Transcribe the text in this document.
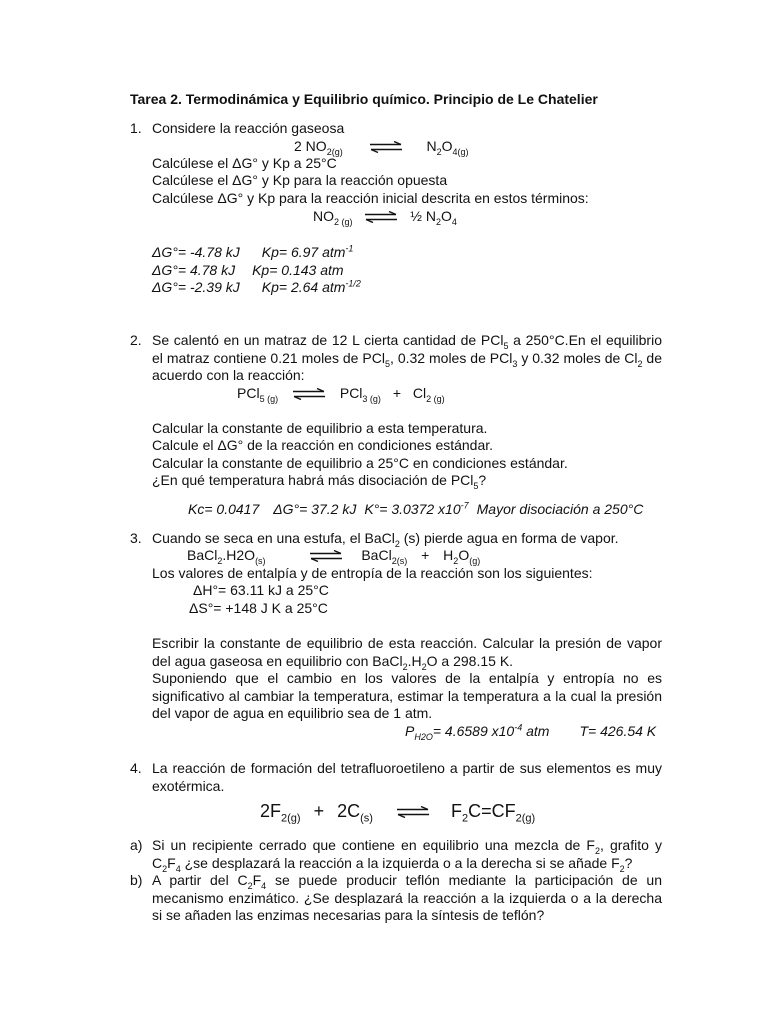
Tarea 2. Termodinámica y Equilibrio químico. Principio de Le Chatelier
1. Considere la reacción gaseosa
2 $NO_{2(g)}$	$N_2O_{4(g)}$
Calcúlese el ΔG° y Kp a 25°C
Calcúlese el ΔG° y Kp para la reacción opuesta
Calcúlese ΔG° y Kp para la reacción inicial descrita en estos términos:
$NO_{2 (g)}$	½ $N_2O_4$
ΔG°= -4.78 kJ Kp= 6.97 atm$^{-1}$
ΔG°= 4.78 kJ Kp= 0.143 atm
ΔG°= -2.39 kJ Kp= 2.64 atm$^{-1/2}$
2. Se calentó en un matraz de 12 L cierta cantidad de PCl$_5$ a 250°C.En el equilibrio el matraz contiene 0.21 moles de PCl$_5$, 0.32 moles de PCl$_3$ y 0.32 moles de $Cl_2$ de acuerdo con la reacción:
PCl$_{5 (g)}$	$PCl_{3 (g)} + Cl_{2 (g)}$
Calcular la constante de equilibrio a esta temperatura.
Calcule el ΔG° de la reacción en condiciones estándar.
Calcular la constante de equilibrio a 25°C en condiciones estándar.
¿En qué temperatura habrá más disociación de PCl$_5$?
Kc= 0.0417 ΔG°= 37.2 kJ K°= 3.0372 $x10^{-7}$ Mayor disociación a 250°C
3. Cuando se seca en una estufa, el BaCl$_2$ (s) pierde agua en forma de vapor.
$BaCl_2.H2O_{(s)}$	BaCl$_{2(s)}$ + $H_2O_{(g)}$
Los valores de entalpía y de entropía de la reacción son los siguientes:
ΔH°= 63.11 kJ a 25°C
ΔS°= +148 J K a 25°C
Escribir la constante de equilibrio de esta reacción. Calcular la presión de vapor del agua gaseosa en equilibrio con $BaCl_2.H_2O$ a 298.15 K.
Suponiendo que el cambio en los valores de la entalpía y entropía no es significativo al cambiar la temperatura, estimar la temperatura a la cual la presión del vapor de agua en equilibrio sea de 1 atm.
$P_{H2O}= 4.6589$ $x10^{-4}$ atm T= 426.54 K
4. La reacción de formación del tetrafluoroetileno a partir de sus elementos es muy exotérmica.
$2F_{2(g)} + 2C_{(s)}$	$F_2C=CF_{2(g)}$
a) Si un recipiente cerrado que contiene en equilibrio una mezcla de $F_2$, grafito y $C_2F_4$ ¿se desplazará la reacción a la izquierda o a la derecha si se añade $F_2$?
b) A partir del $C_2F_4$ se puede producir teflón mediante la participación de un mecanismo enzimático. ¿Se desplazará la reacción a la izquierda o a la derecha si se añaden las enzimas necesarias para la síntesis de teflón?
